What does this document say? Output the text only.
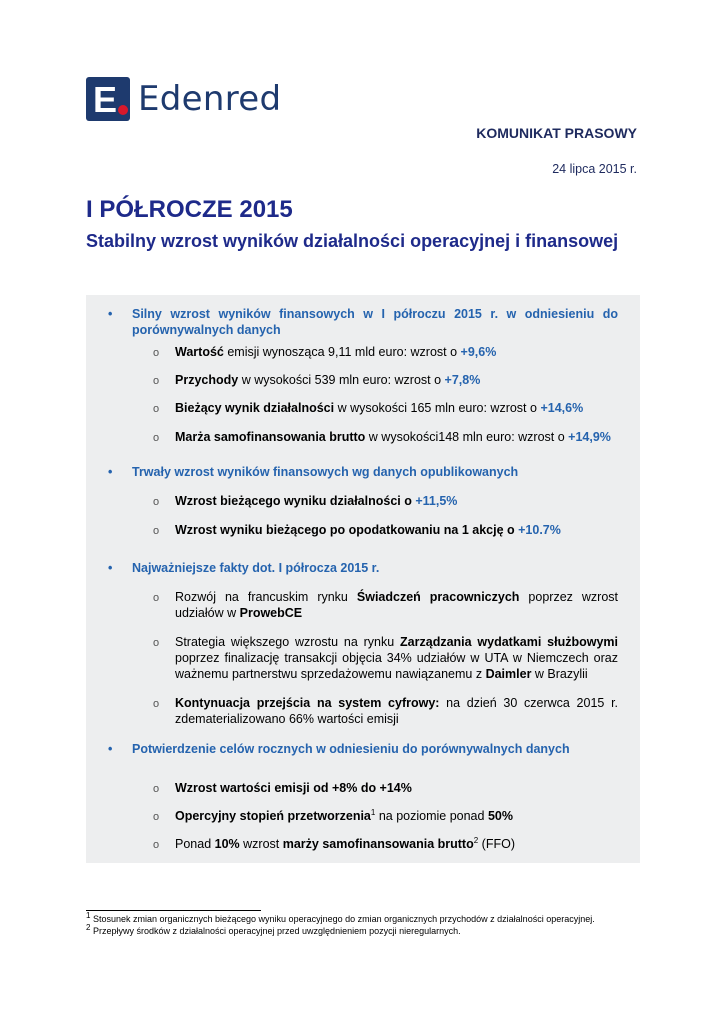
E Edenred
KOMUNIKAT PRASOWY
24 lipca 2015 r.
I PÓŁROCZE 2015
Stabilny wzrost wyników działalności operacyjnej i finansowej
• Silny wzrost wyników finansowych w I półroczu 2015 r. w odniesieniu do porównywalnych danych
o Wartość emisji wynosząca 9,11 mld euro: wzrost o +9,6%
o Przychody w wysokości 539 mln euro: wzrost o +7,8%
o Bieżący wynik działalności w wysokości 165 mln euro: wzrost o +14,6%
o Marża samofinansowania brutto w wysokości148 mln euro: wzrost o +14,9%
• Trwały wzrost wyników finansowych wg danych opublikowanych
o Wzrost bieżącego wyniku działalności o +11,5%
o Wzrost wyniku bieżącego po opodatkowaniu na 1 akcję o +10.7%
• Najważniejsze fakty dot. I półrocza 2015 r.
o Rozwój na francuskim rynku Świadczeń pracowniczych poprzez wzrost udziałów w ProwebCE
o Strategia większego wzrostu na rynku Zarządzania wydatkami służbowymi poprzez finalizację transakcji objęcia 34% udziałów w UTA w Niemczech oraz ważnemu partnerstwu sprzedażowemu nawiązanemu z Daimler w Brazylii
o Kontynuacja przejścia na system cyfrowy: na dzień 30 czerwca 2015 r. zdematerializowano 66% wartości emisji
• Potwierdzenie celów rocznych w odniesieniu do porównywalnych danych
o Wzrost wartości emisji od +8% do +14%
o Opercyjny stopień przetworzenia$^1$ na poziomie ponad 50%
o Ponad 10% wzrost marży samofinansowania brutto$^2$ (FFO)
$^1$ Stosunek zmian organicznych bieżącego wyniku operacyjnego do zmian organicznych przychodów z działalności operacyjnej.
$^2$ Przepływy środków z działalności operacyjnej przed uwzględnieniem pozycji nieregularnych.
